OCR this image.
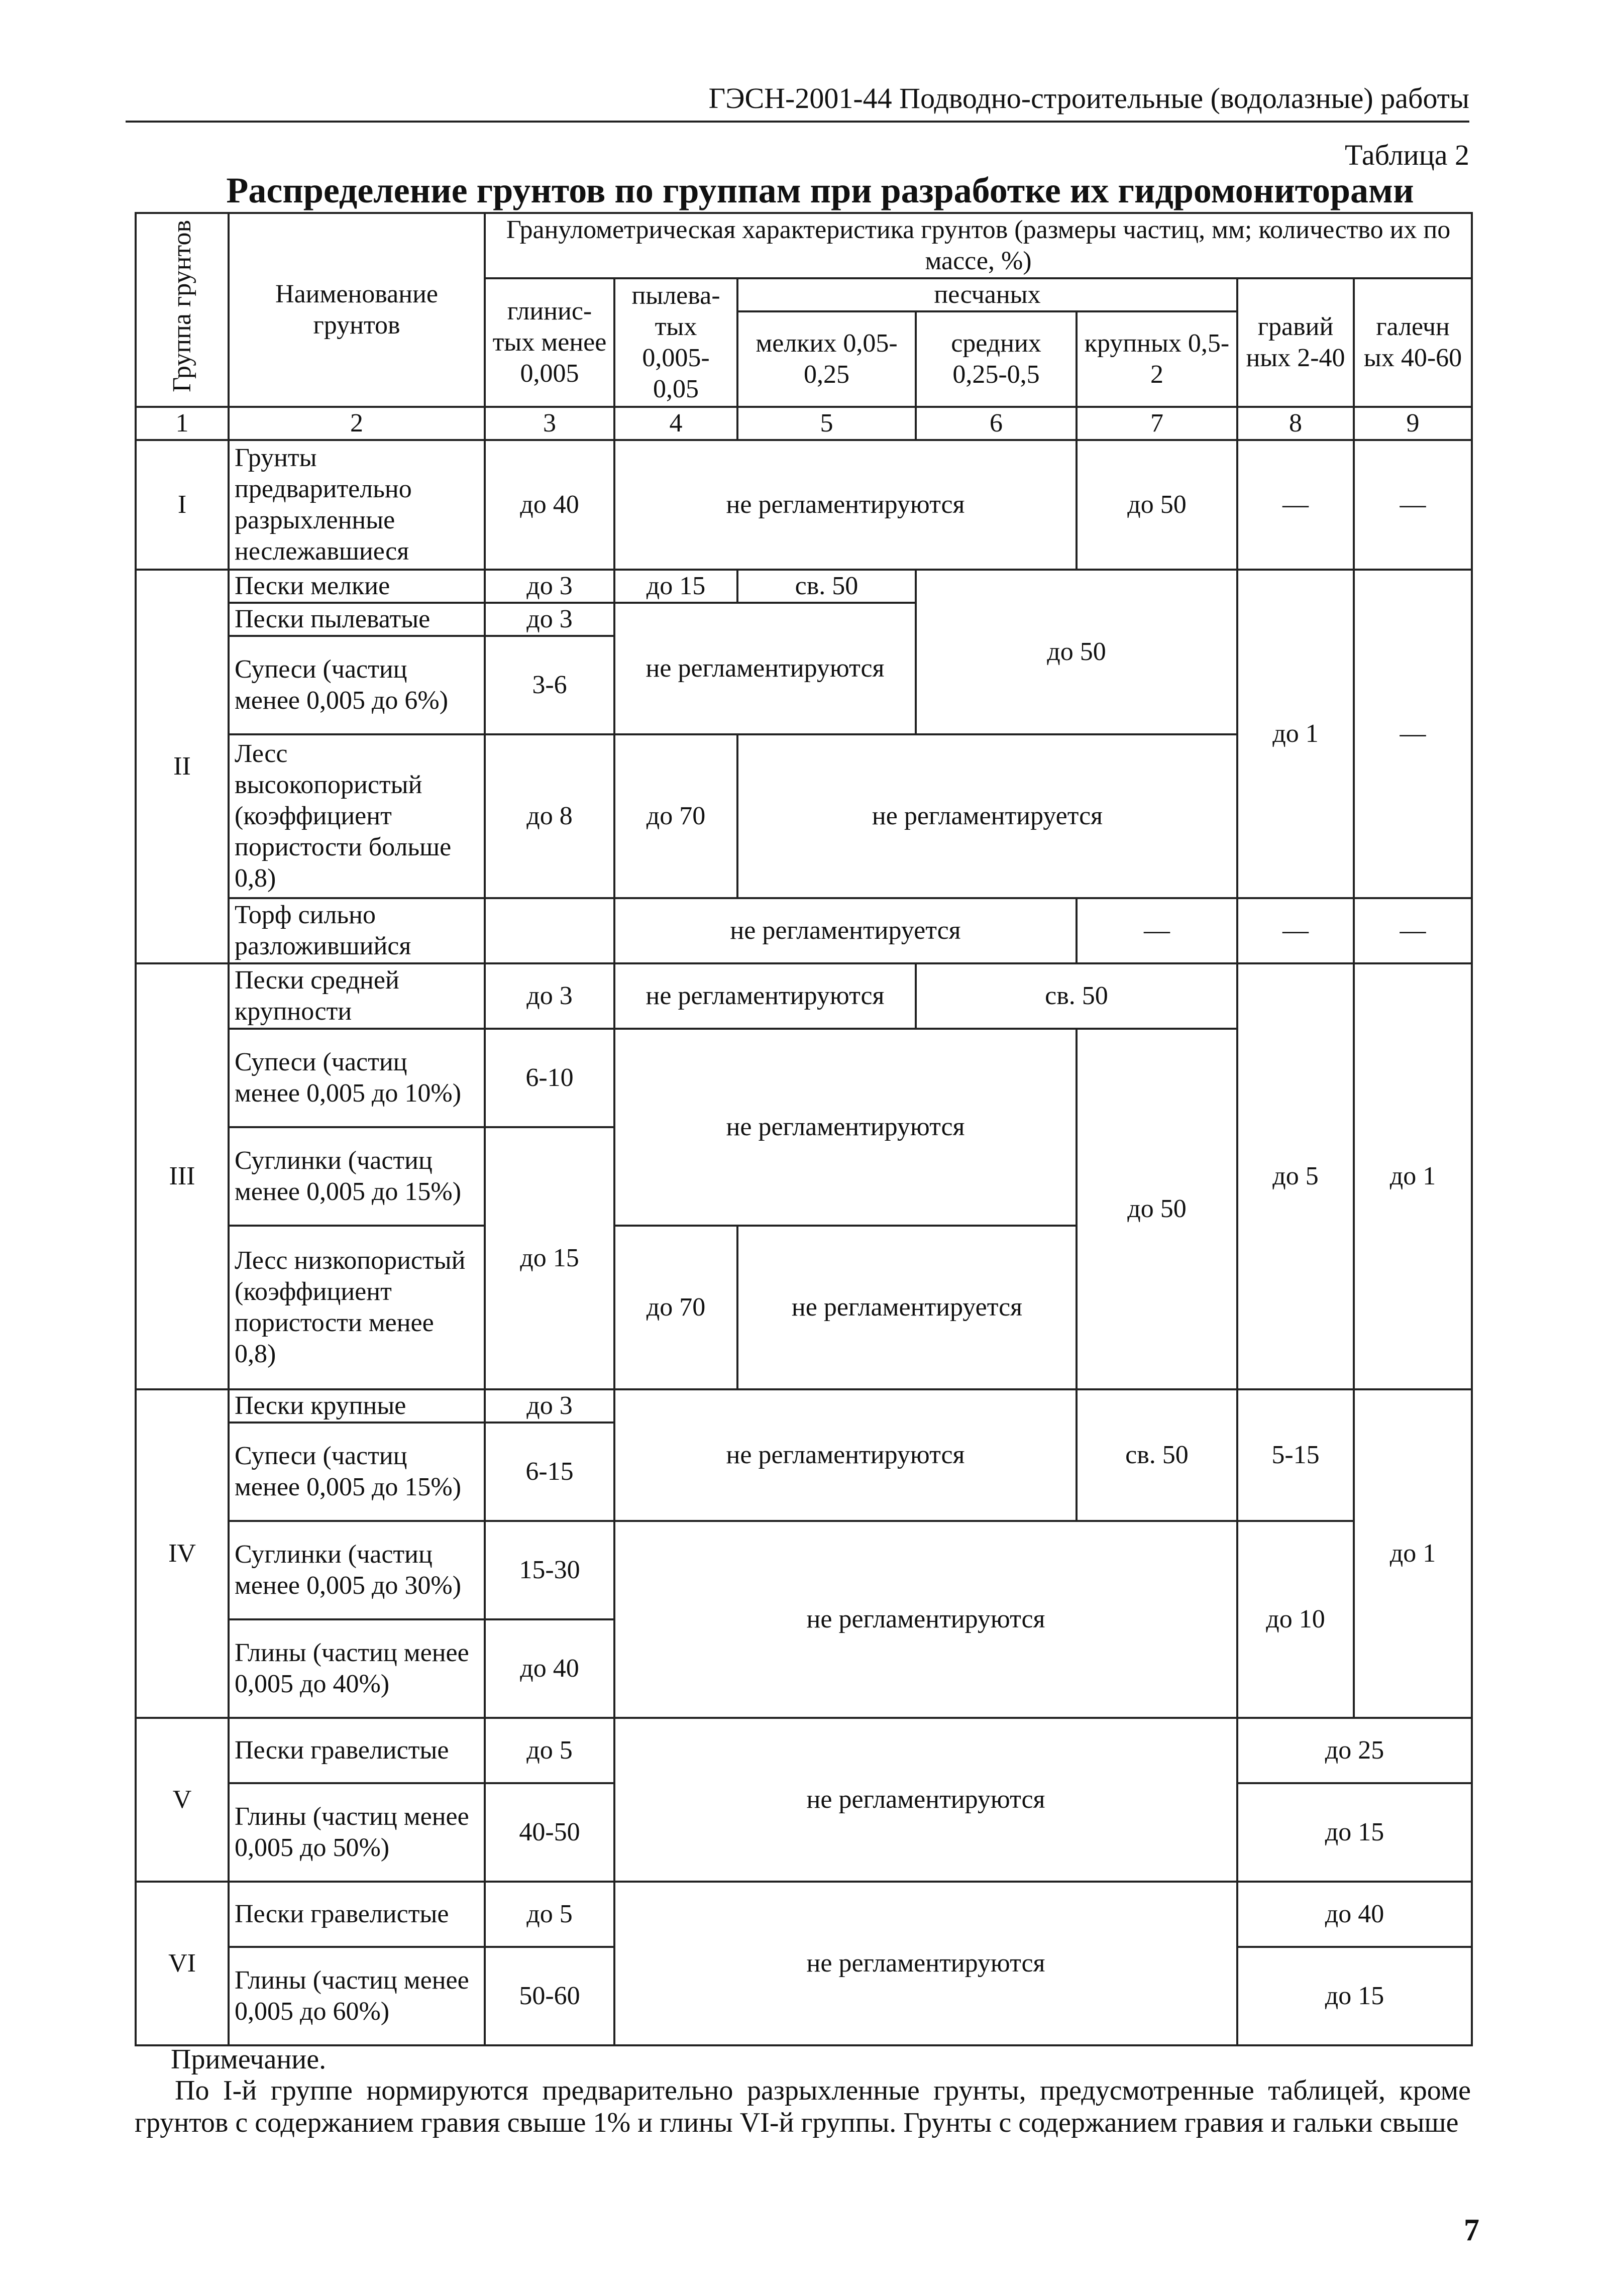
ГЭСН-2001-44 Подводно-строительные (водолазные) работы
Таблица 2
Распределение грунтов по группам при разработке их гидромониторами
Группа грунтов	Наименование грунтов	Гранулометрическая характеристика грунтов (размеры частиц, мм; количество их по массе, %)						
		глинис-тых менее 0,005	пылева-тых 0,005-0,05	песчаных			гравий ных 2-40	галечн ых 40-60
				мелких 0,05-0,25	средних 0,25-0,5	крупных 0,5-2		
1	2	3	4	5	6	7	8	9
I	Грунты предварительно разрыхленные неслежавшиеся	до 40	не регламентируются			до 50	—	—
II	Пески мелкие	до 3	до 15	св. 50	до 50		до 1	—
	Пески пылеватые	до 3	не регламентируются					
	Супеси (частиц менее 0,005 до 6%)	3-6						
	Лесс высокопористый (коэффициент пористости больше 0,8)	до 8	до 70	не регламентируется				
	Торф сильно разложившийся		не регламентируется			—	—	—
III	Пески средней крупности	до 3	не регламентируются		св. 50		до 5	до 1
	Супеси (частиц менее 0,005 до 10%)	6-10	не регламентируются			до 50		
	Суглинки (частиц менее 0,005 до 15%)	до 15						
	Лесс низкопористый (коэффициент пористости менее 0,8)		до 70	не регламентируется				
IV	Пески крупные	до 3	не регламентируются			св. 50	5-15	до 1
	Супеси (частиц менее 0,005 до 15%)	6-15						
	Суглинки (частиц менее 0,005 до 30%)	15-30	не регламентируются				до 10	
	Глины (частиц менее 0,005 до 40%)	до 40						
V	Пески гравелистые	до 5	не регламентируются				до 25	
	Глины (частиц менее 0,005 до 50%)	40-50					до 15	
VI	Пески гравелистые	до 5	не регламентируются				до 40	
	Глины (частиц менее 0,005 до 60%)	50-60					до 15	
Примечание.
По I-й группе нормируются предварительно разрыхленные грунты, предусмотренные таблицей, кроме грунтов с содержанием гравия свыше 1% и глины VI-й группы. Грунты с содержанием гравия и гальки свыше
7
